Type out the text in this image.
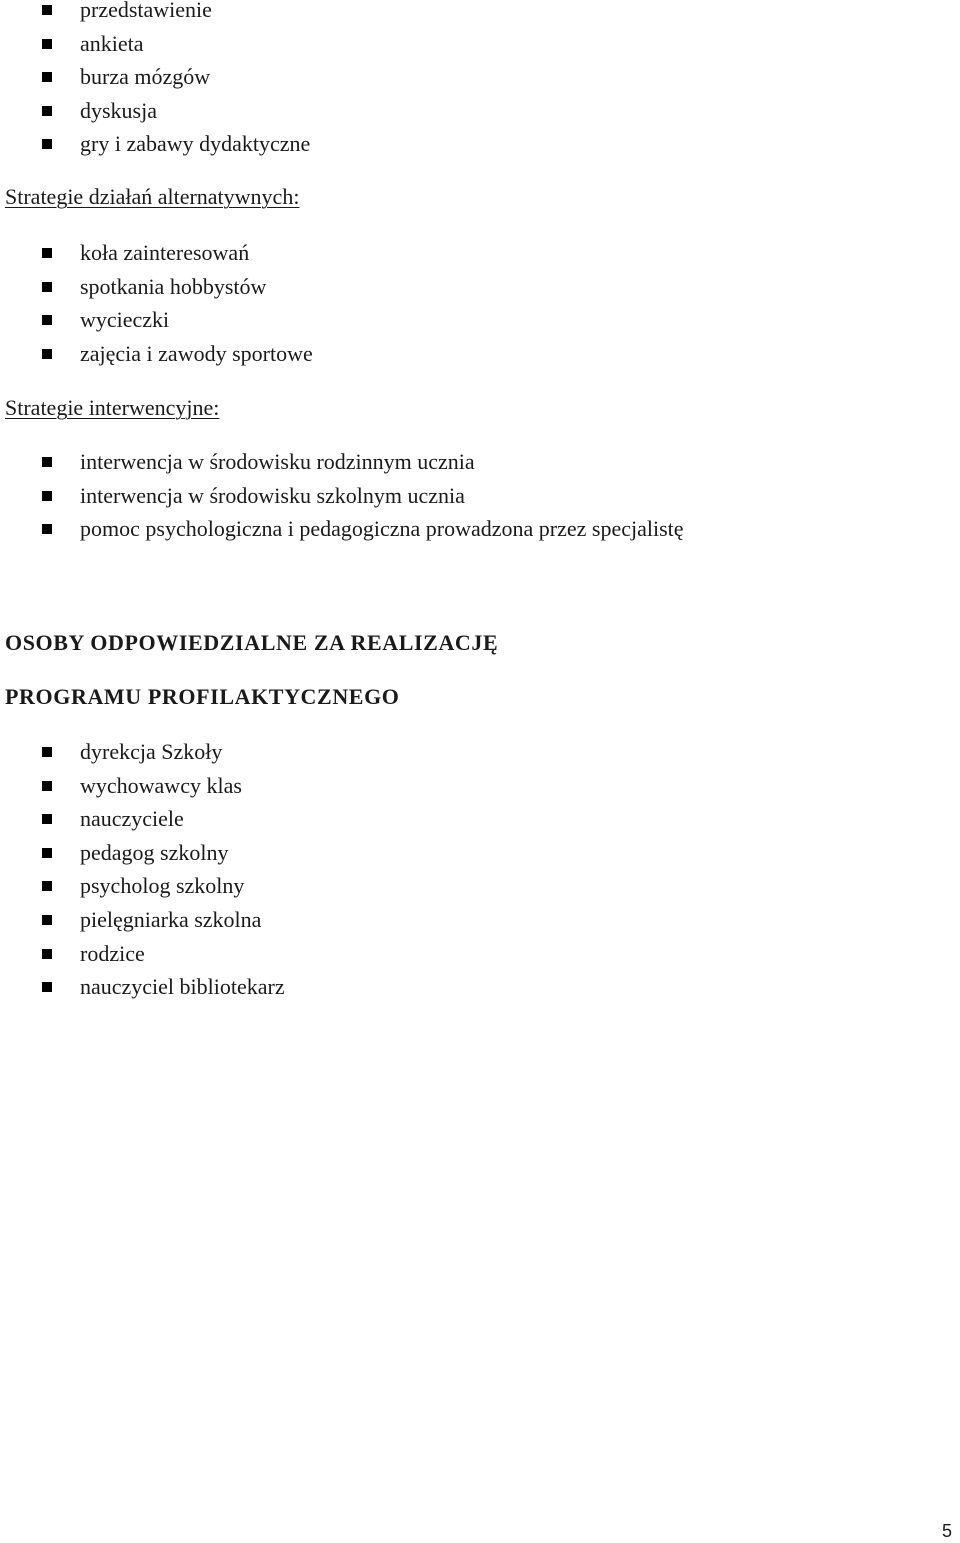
przedstawienie
ankieta
burza mózgów
dyskusja
gry i zabawy dydaktyczne
Strategie działań alternatywnych:
koła zainteresowań
spotkania hobbystów
wycieczki
zajęcia i zawody sportowe
Strategie interwencyjne:
interwencja w środowisku rodzinnym ucznia
interwencja w środowisku szkolnym ucznia
pomoc psychologiczna i pedagogiczna prowadzona przez specjalistę
OSOBY ODPOWIEDZIALNE ZA REALIZACJĘ
PROGRAMU PROFILAKTYCZNEGO
dyrekcja Szkoły
wychowawcy klas
nauczyciele
pedagog szkolny
psycholog szkolny
pielęgniarka szkolna
rodzice
nauczyciel bibliotekarz
5
